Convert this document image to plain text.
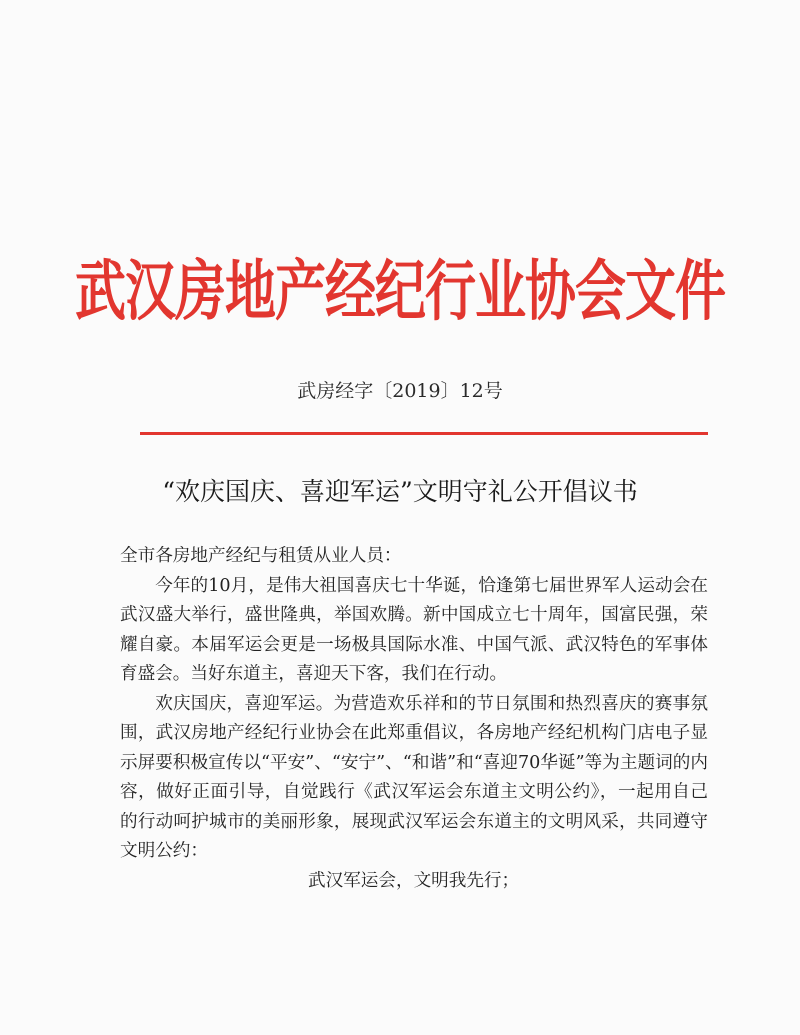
武汉房地产经纪行业协会文件
武房经字〔2019〕12号
“欢庆国庆、喜迎军运”文明守礼公开倡议书

全市各房地产经纪与租赁从业人员：

今年的10月，是伟大祖国喜庆七十华诞，恰逢第七届世界军人运动会在武汉盛大举行，盛世隆典，举国欢腾。新中国成立七十周年，国富民强，荣耀自豪。本届军运会更是一场极具国际水准、中国气派、武汉特色的军事体育盛会。当好东道主，喜迎天下客，我们在行动。

欢庆国庆，喜迎军运。为营造欢乐祥和的节日氛围和热烈喜庆的赛事氛围，武汉房地产经纪行业协会在此郑重倡议，各房地产经纪机构门店电子显示屏要积极宣传以“平安”、“安宁”、“和谐”和“喜迎70华诞”等为主题词的内容，做好正面引导，自觉践行《武汉军运会东道主文明公约》，一起用自己的行动呵护城市的美丽形象，展现武汉军运会东道主的文明风采，共同遵守文明公约：

武汉军运会，文明我先行；
